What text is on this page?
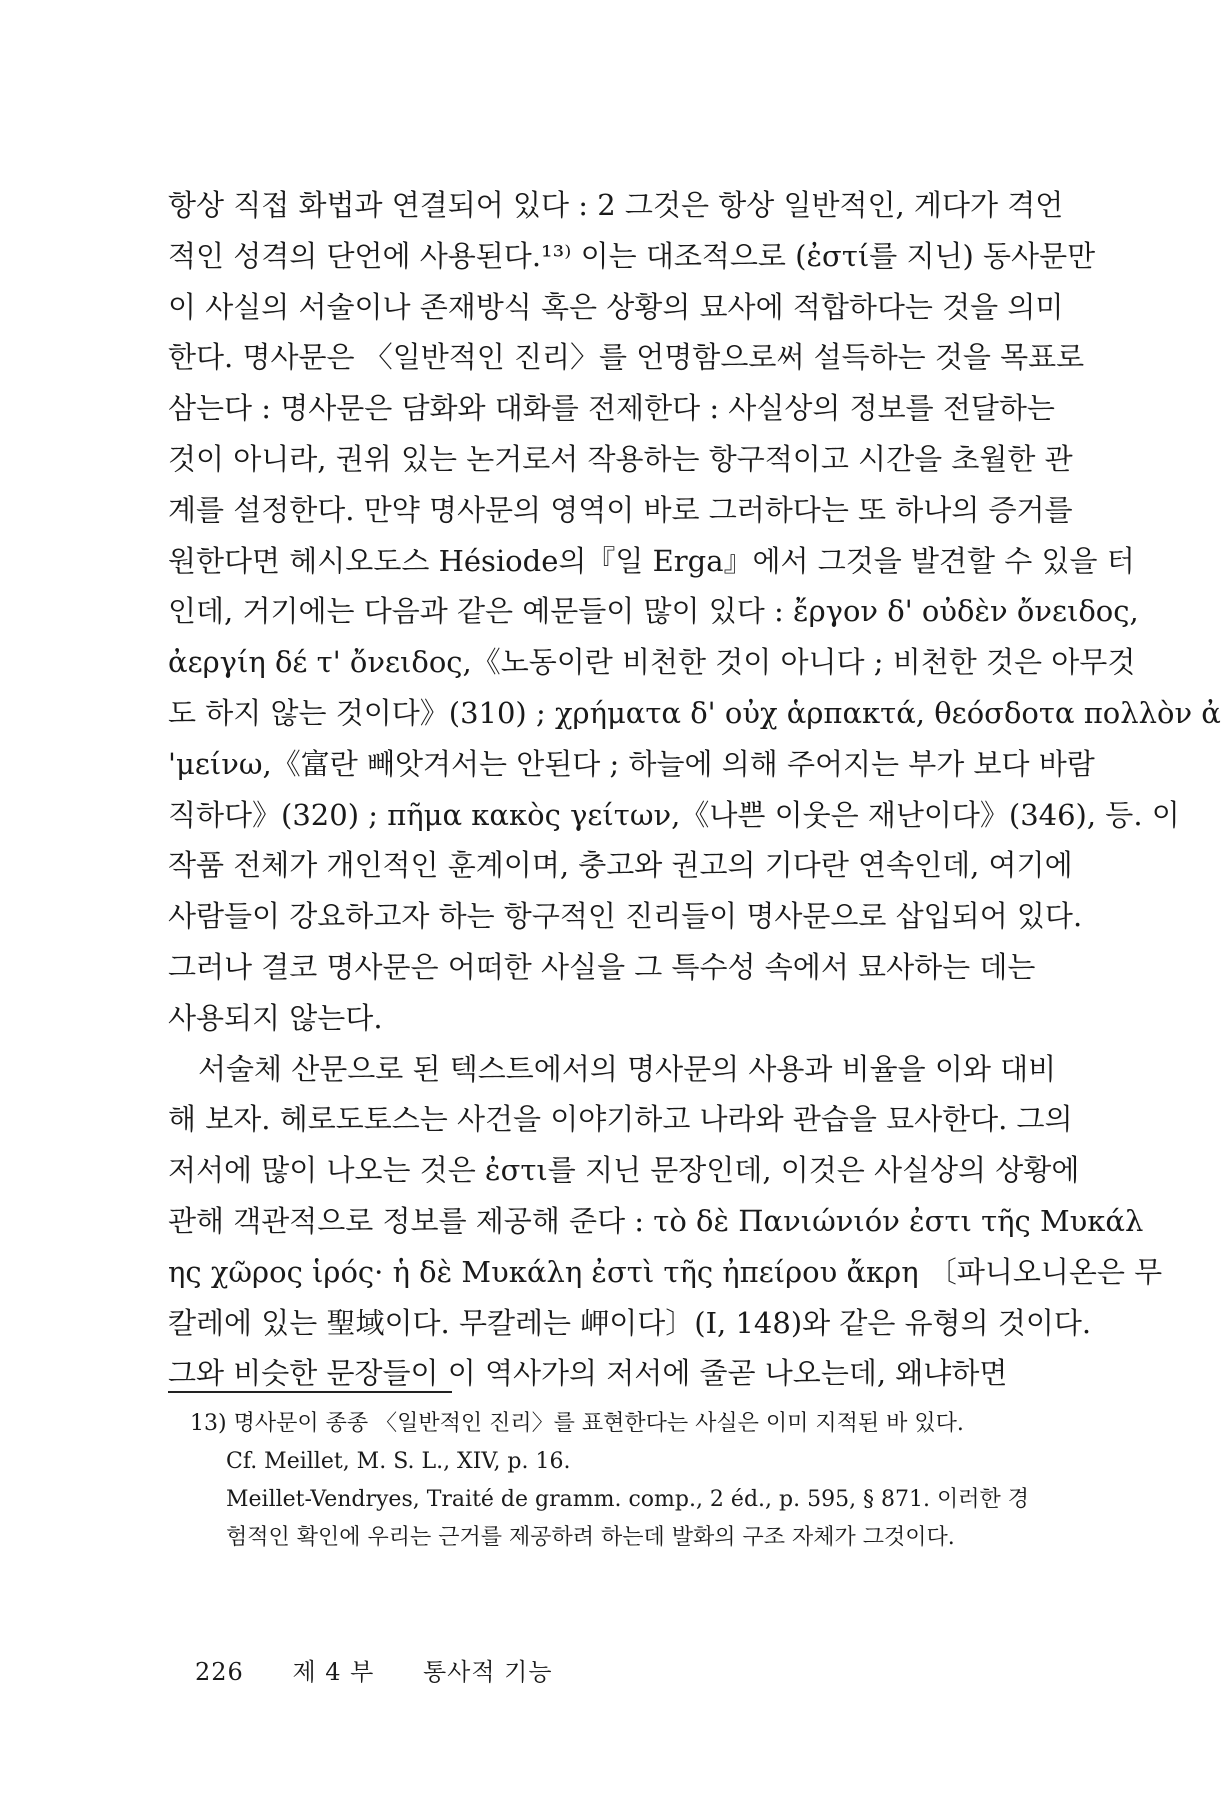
항상 직접 화법과 연결되어 있다 : 2 그것은 항상 일반적인, 게다가 격언
적인 성격의 단언에 사용된다.¹³⁾ 이는 대조적으로 (ἐστί를 지닌) 동사문만
이 사실의 서술이나 존재방식 혹은 상황의 묘사에 적합하다는 것을 의미
한다. 명사문은 〈일반적인 진리〉를 언명함으로써 설득하는 것을 목표로
삼는다 : 명사문은 담화와 대화를 전제한다 : 사실상의 정보를 전달하는
것이 아니라, 권위 있는 논거로서 작용하는 항구적이고 시간을 초월한 관
계를 설정한다. 만약 명사문의 영역이 바로 그러하다는 또 하나의 증거를
원한다면 헤시오도스 Hésiode의『일 Erga』에서 그것을 발견할 수 있을 터
인데, 거기에는 다음과 같은 예문들이 많이 있다 : ἔργον δ' οὐδὲν ὄνειδος,
ἀεργίη δέ τ' ὄνειδος,《노동이란 비천한 것이 아니다 ; 비천한 것은 아무것
도 하지 않는 것이다》(310) ; χρήματα δ' οὐχ ἁρπακτά, θεόσδοτα πολλὸν ἀ
'μείνω,《富란 빼앗겨서는 안된다 ; 하늘에 의해 주어지는 부가 보다 바람
직하다》(320) ; πῆμα κακὸς γείτων,《나쁜 이웃은 재난이다》(346), 등. 이
작품 전체가 개인적인 훈계이며, 충고와 권고의 기다란 연속인데, 여기에
사람들이 강요하고자 하는 항구적인 진리들이 명사문으로 삽입되어 있다.
그러나 결코 명사문은 어떠한 사실을 그 특수성 속에서 묘사하는 데는
사용되지 않는다.

서술체 산문으로 된 텍스트에서의 명사문의 사용과 비율을 이와 대비
해 보자. 헤로도토스는 사건을 이야기하고 나라와 관습을 묘사한다. 그의
저서에 많이 나오는 것은 ἐστι를 지닌 문장인데, 이것은 사실상의 상황에
관해 객관적으로 정보를 제공해 준다 : τὸ δὲ Πανιώνιόν ἐστι τῆς Μυκάλ
ης χῶρος ἱρός· ἡ δὲ Μυκάλη ἐστὶ τῆς ἠπείρου ἄκρη 〔파니오니온은 무
칼레에 있는 聖域이다. 무칼레는 岬이다〕(Ⅰ, 148)와 같은 유형의 것이다.
그와 비슷한 문장들이 이 역사가의 저서에 줄곧 나오는데, 왜냐하면

13) 명사문이 종종 〈일반적인 진리〉를 표현한다는 사실은 이미 지적된 바 있다.
Cf. Meillet, M. S. L., XIV, p. 16.
Meillet-Vendryes, Traité de gramm. comp., 2 éd., p. 595, § 871. 이러한 경
험적인 확인에 우리는 근거를 제공하려 하는데 발화의 구조 자체가 그것이다.
226 제 4 부 통사적 기능
